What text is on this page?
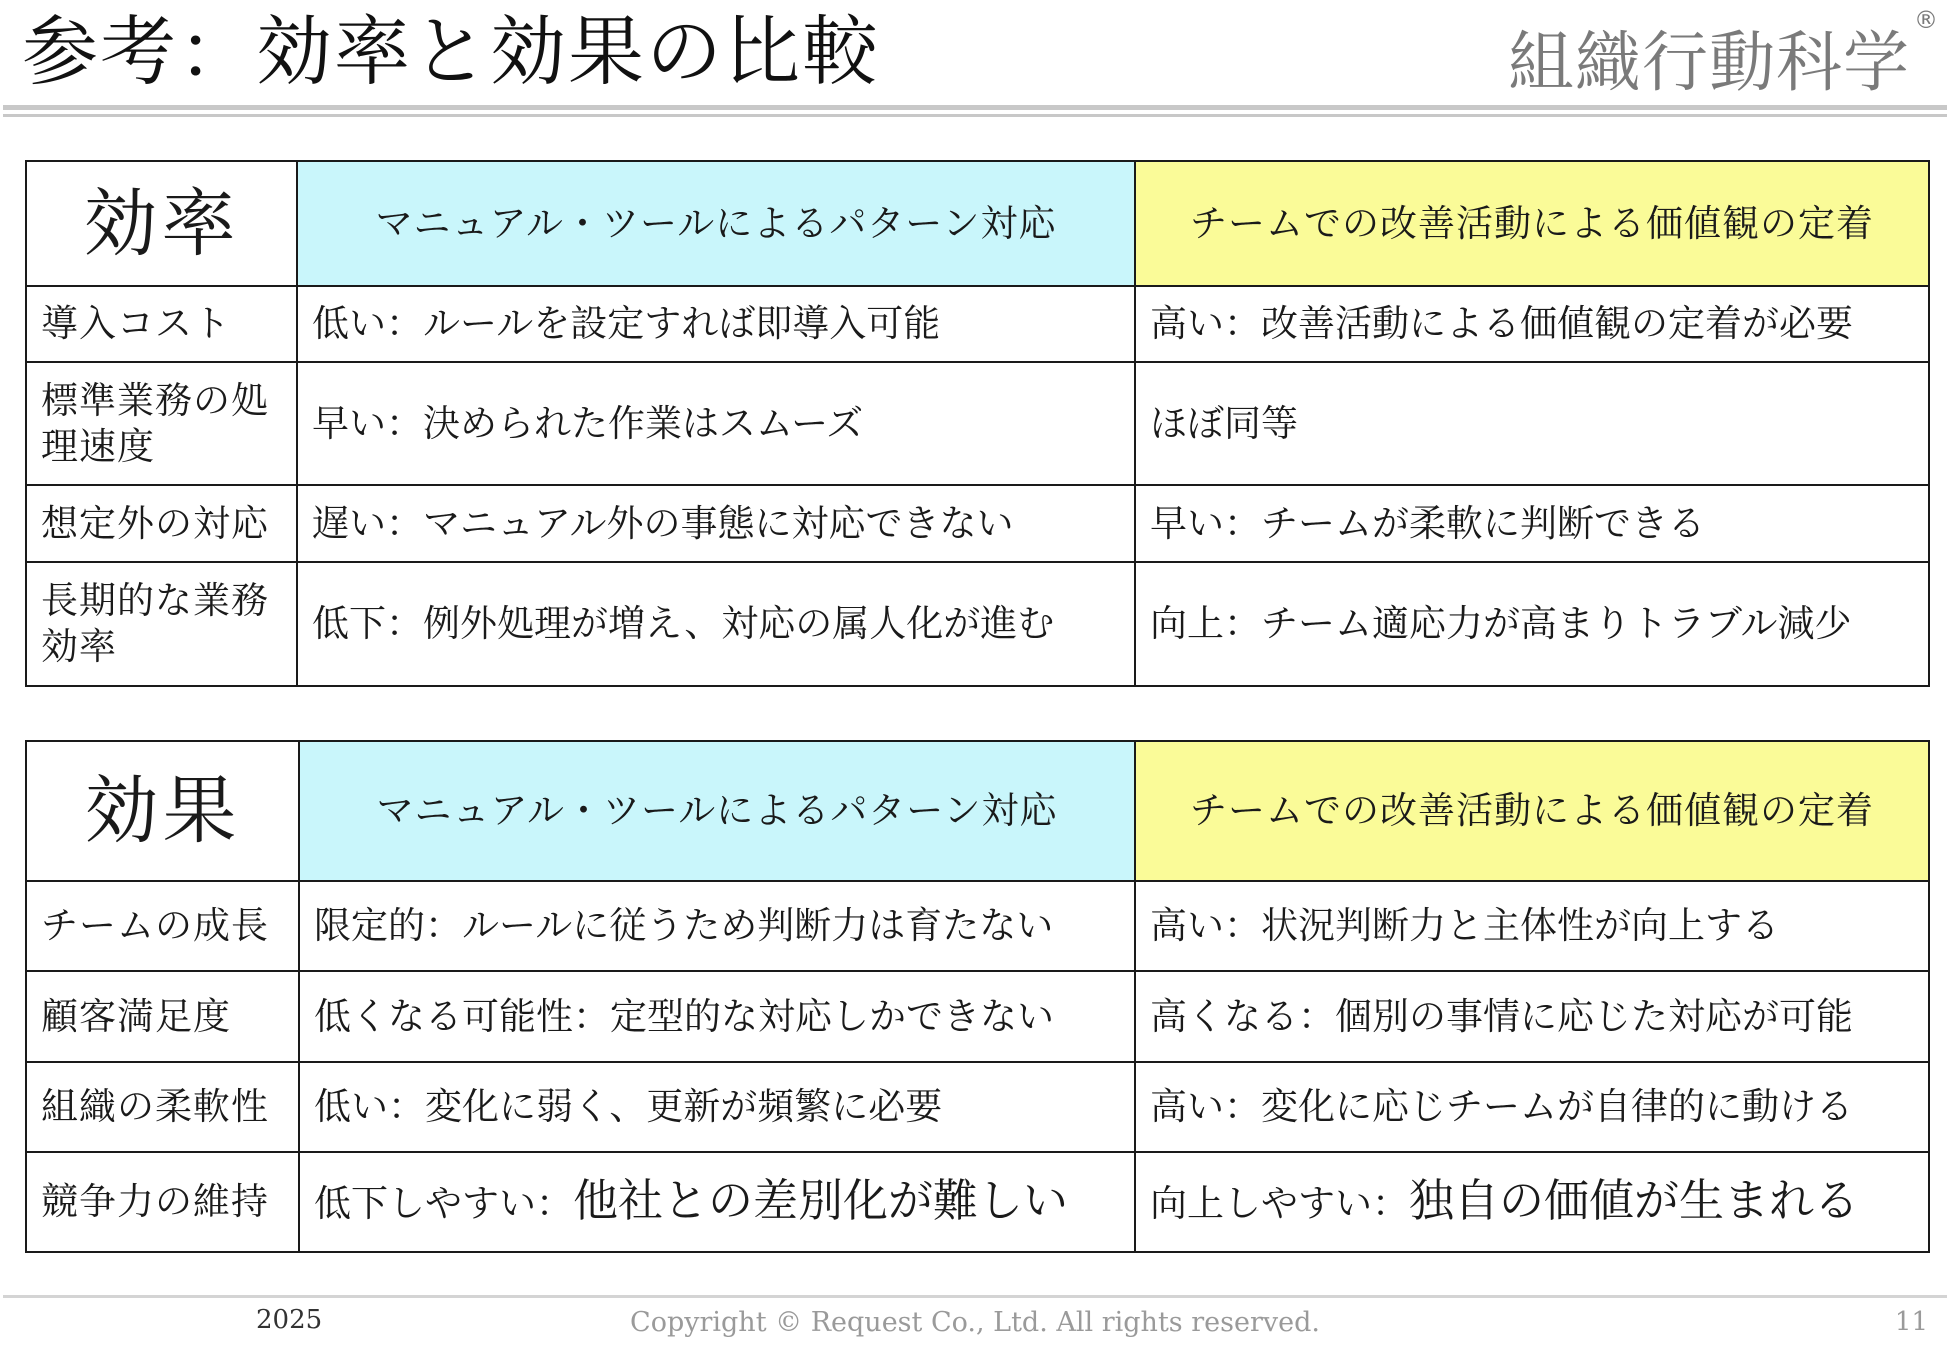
参考：効率と効果の比較	組織行動科学
®
効率	マニュアル・ツールによるパターン対応	チームでの改善活動による価値観の定着
導入コスト	低い：ルールを設定すれば即導入可能	高い：改善活動による価値観の定着が必要
標準業務の処理速度	早い：決められた作業はスムーズ	ほぼ同等
想定外の対応	遅い：マニュアル外の事態に対応できない	早い：チームが柔軟に判断できる
長期的な業務効率	低下：例外処理が増え、対応の属人化が進む	向上：チーム適応力が高まりトラブル減少
効果	マニュアル・ツールによるパターン対応	チームでの改善活動による価値観の定着
チームの成長	限定的：ルールに従うため判断力は育たない	高い：状況判断力と主体性が向上する
顧客満足度	低くなる可能性：定型的な対応しかできない	高くなる：個別の事情に応じた対応が可能
組織の柔軟性	低い：変化に弱く、更新が頻繁に必要	高い：変化に応じチームが自律的に動ける
競争力の維持	低下しやすい：他社との差別化が難しい	向上しやすい：独自の価値が生まれる
2025	Copyright © Request Co., Ltd. All rights reserved.	11
